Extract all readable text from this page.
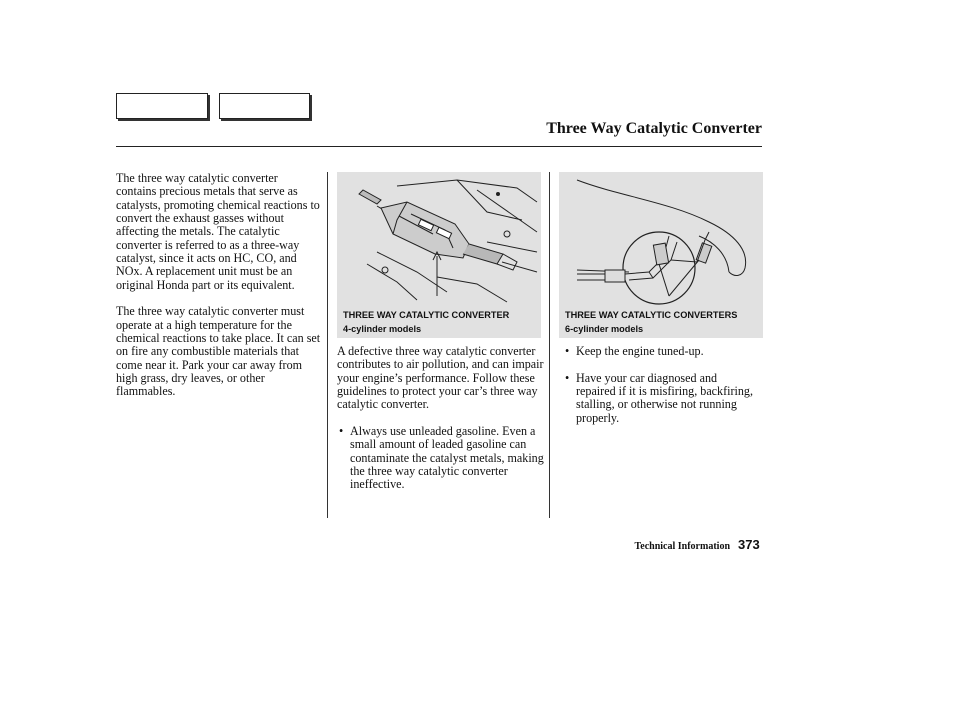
Three Way Catalytic Converter

The three way catalytic converter contains precious metals that serve as catalysts, promoting chemical reactions to convert the exhaust gasses without affecting the metals. The catalytic converter is referred to as a three-way catalyst, since it acts on HC, CO, and NOx. A replacement unit must be an original Honda part or its equivalent.

The three way catalytic converter must operate at a high temperature for the chemical reactions to take place. It can set on fire any combustible materials that come near it. Park your car away from high grass, dry leaves, or other flammables.

THREE WAY CATALYTIC CONVERTER
4-cylinder models
THREE WAY CATALYTIC CONVERTERS
6-cylinder models

A defective three way catalytic converter contributes to air pollution, and can impair your engine’s performance. Follow these guidelines to protect your car’s three way catalytic converter.

• Always use unleaded gasoline. Even a small amount of leaded gasoline can contaminate the catalyst metals, making the three way catalytic converter ineffective.
• Keep the engine tuned-up.
• Have your car diagnosed and repaired if it is misfiring, backfiring, stalling, or otherwise not running properly.
Technical Information 373
